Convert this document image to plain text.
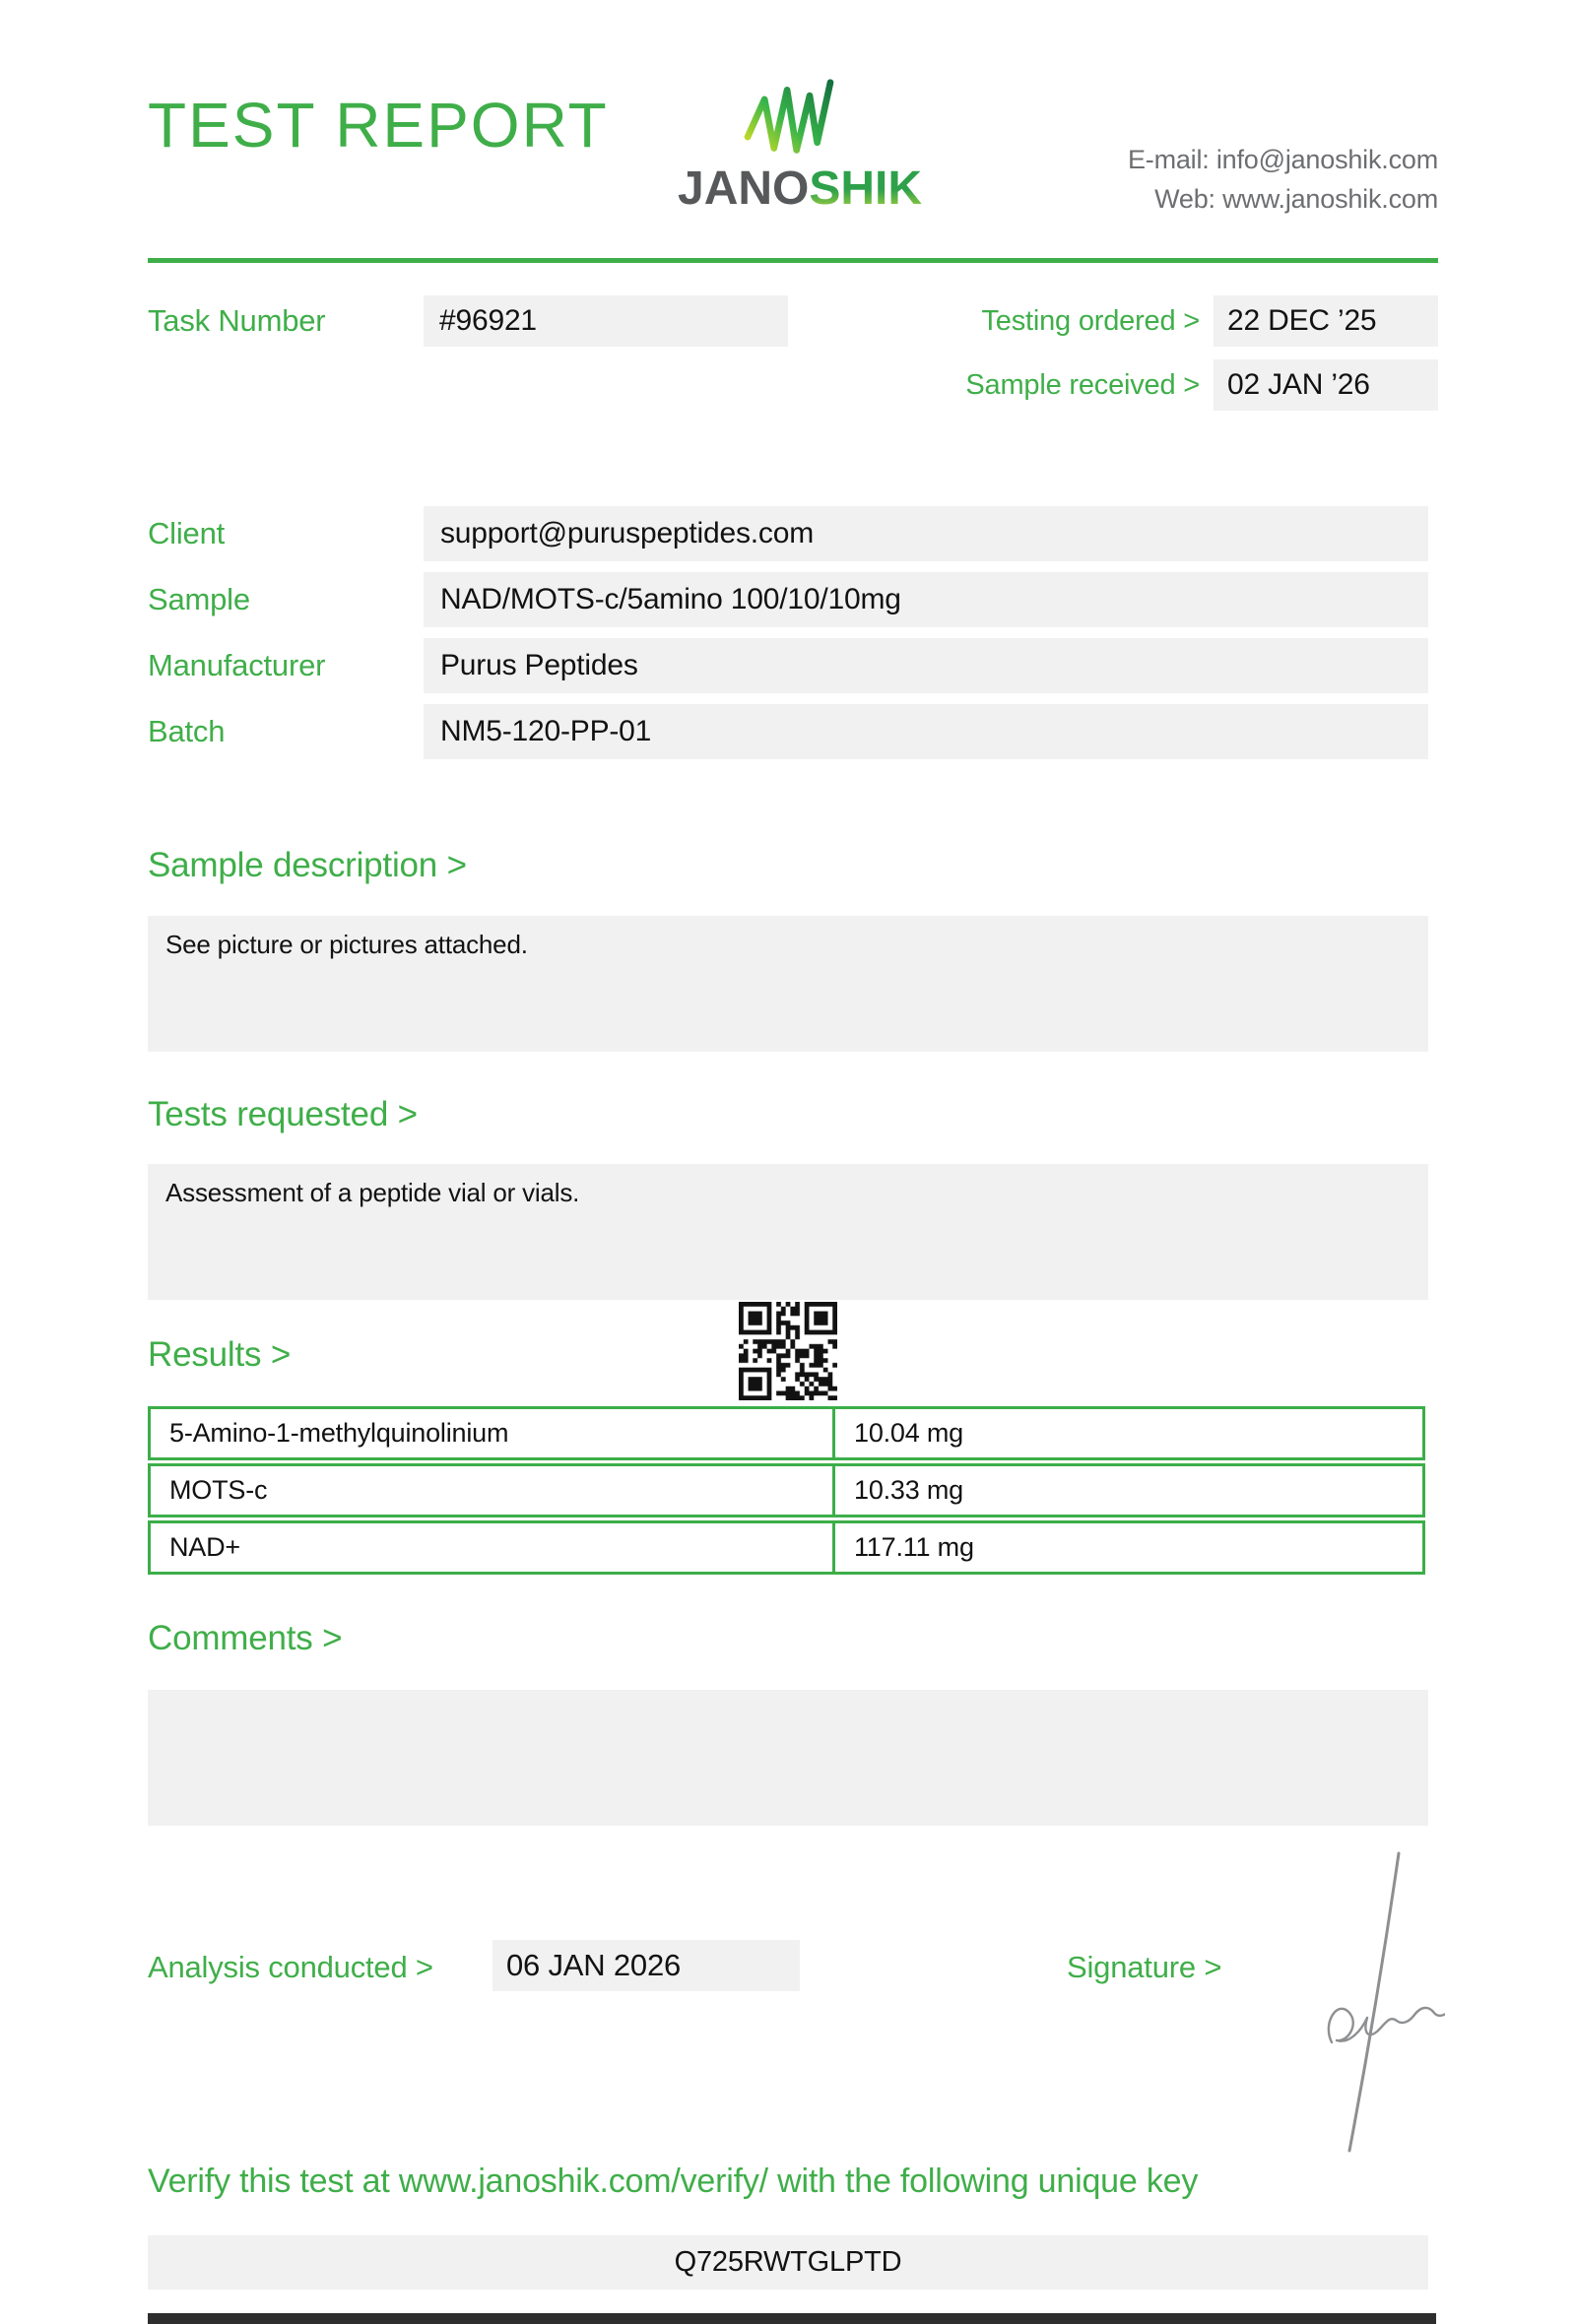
TEST REPORT
JANOSHIK
E-mail: info@janoshik.com
Web: www.janoshik.com
Task Number	#96921	Testing ordered > 22 DEC ’25
Sample received > 02 JAN ’26
Client	support@puruspeptides.com
Sample	NAD/MOTS-c/5amino 100/10/10mg
Manufacturer	Purus Peptides
Batch	NM5-120-PP-01
Sample description >
See picture or pictures attached.
Tests requested >
Assessment of a peptide vial or vials.
Results >
5-Amino-1-methylquinolinium	10.04 mg
MOTS-c	10.33 mg
NAD+	117.11 mg
Comments >
Analysis conducted >	06 JAN 2026	Signature >
Verify this test at www.janoshik.com/verify/ with the following unique key
Q725RWTGLPTD
